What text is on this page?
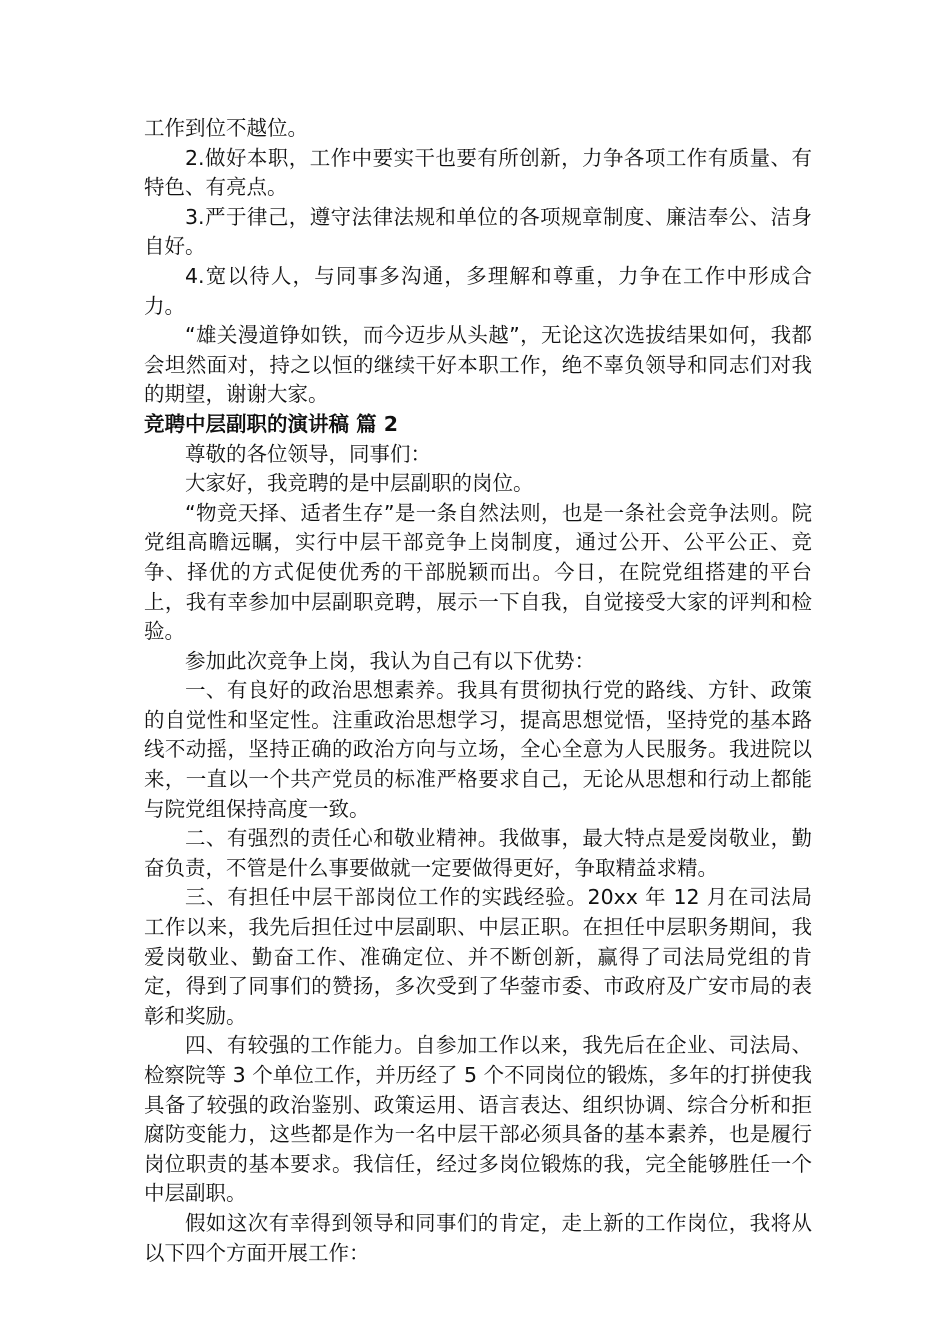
工作到位不越位。

2.做好本职，工作中要实干也要有所创新，力争各项工作有质量、有特色、有亮点。

3.严于律己，遵守法律法规和单位的各项规章制度、廉洁奉公、洁身自好。

4.宽以待人，与同事多沟通，多理解和尊重，力争在工作中形成合力。

“雄关漫道铮如铁，而今迈步从头越”，无论这次选拔结果如何，我都会坦然面对，持之以恒的继续干好本职工作，绝不辜负领导和同志们对我的期望，谢谢大家。

竞聘中层副职的演讲稿 篇 2

尊敬的各位领导，同事们：

大家好，我竞聘的是中层副职的岗位。

“物竞天择、适者生存”是一条自然法则，也是一条社会竞争法则。院党组高瞻远瞩，实行中层干部竞争上岗制度，通过公开、公平公正、竞争、择优的方式促使优秀的干部脱颖而出。今日，在院党组搭建的平台上，我有幸参加中层副职竞聘，展示一下自我，自觉接受大家的评判和检验。

参加此次竞争上岗，我认为自己有以下优势：

一、有良好的政治思想素养。我具有贯彻执行党的路线、方针、政策的自觉性和坚定性。注重政治思想学习，提高思想觉悟，坚持党的基本路线不动摇，坚持正确的政治方向与立场，全心全意为人民服务。我进院以来，一直以一个共产党员的标准严格要求自己，无论从思想和行动上都能与院党组保持高度一致。

二、有强烈的责任心和敬业精神。我做事，最大特点是爱岗敬业，勤奋负责，不管是什么事要做就一定要做得更好，争取精益求精。

三、有担任中层干部岗位工作的实践经验。20xx 年 12 月在司法局工作以来，我先后担任过中层副职、中层正职。在担任中层职务期间，我爱岗敬业、勤奋工作、准确定位、并不断创新，赢得了司法局党组的肯定，得到了同事们的赞扬，多次受到了华蓥市委、市政府及广安市局的表彰和奖励。

四、有较强的工作能力。自参加工作以来，我先后在企业、司法局、检察院等 3 个单位工作，并历经了 5 个不同岗位的锻炼，多年的打拼使我具备了较强的政治鉴别、政策运用、语言表达、组织协调、综合分析和拒腐防变能力，这些都是作为一名中层干部必须具备的基本素养，也是履行岗位职责的基本要求。我信任，经过多岗位锻炼的我，完全能够胜任一个中层副职。

假如这次有幸得到领导和同事们的肯定，走上新的工作岗位，我将从以下四个方面开展工作：
